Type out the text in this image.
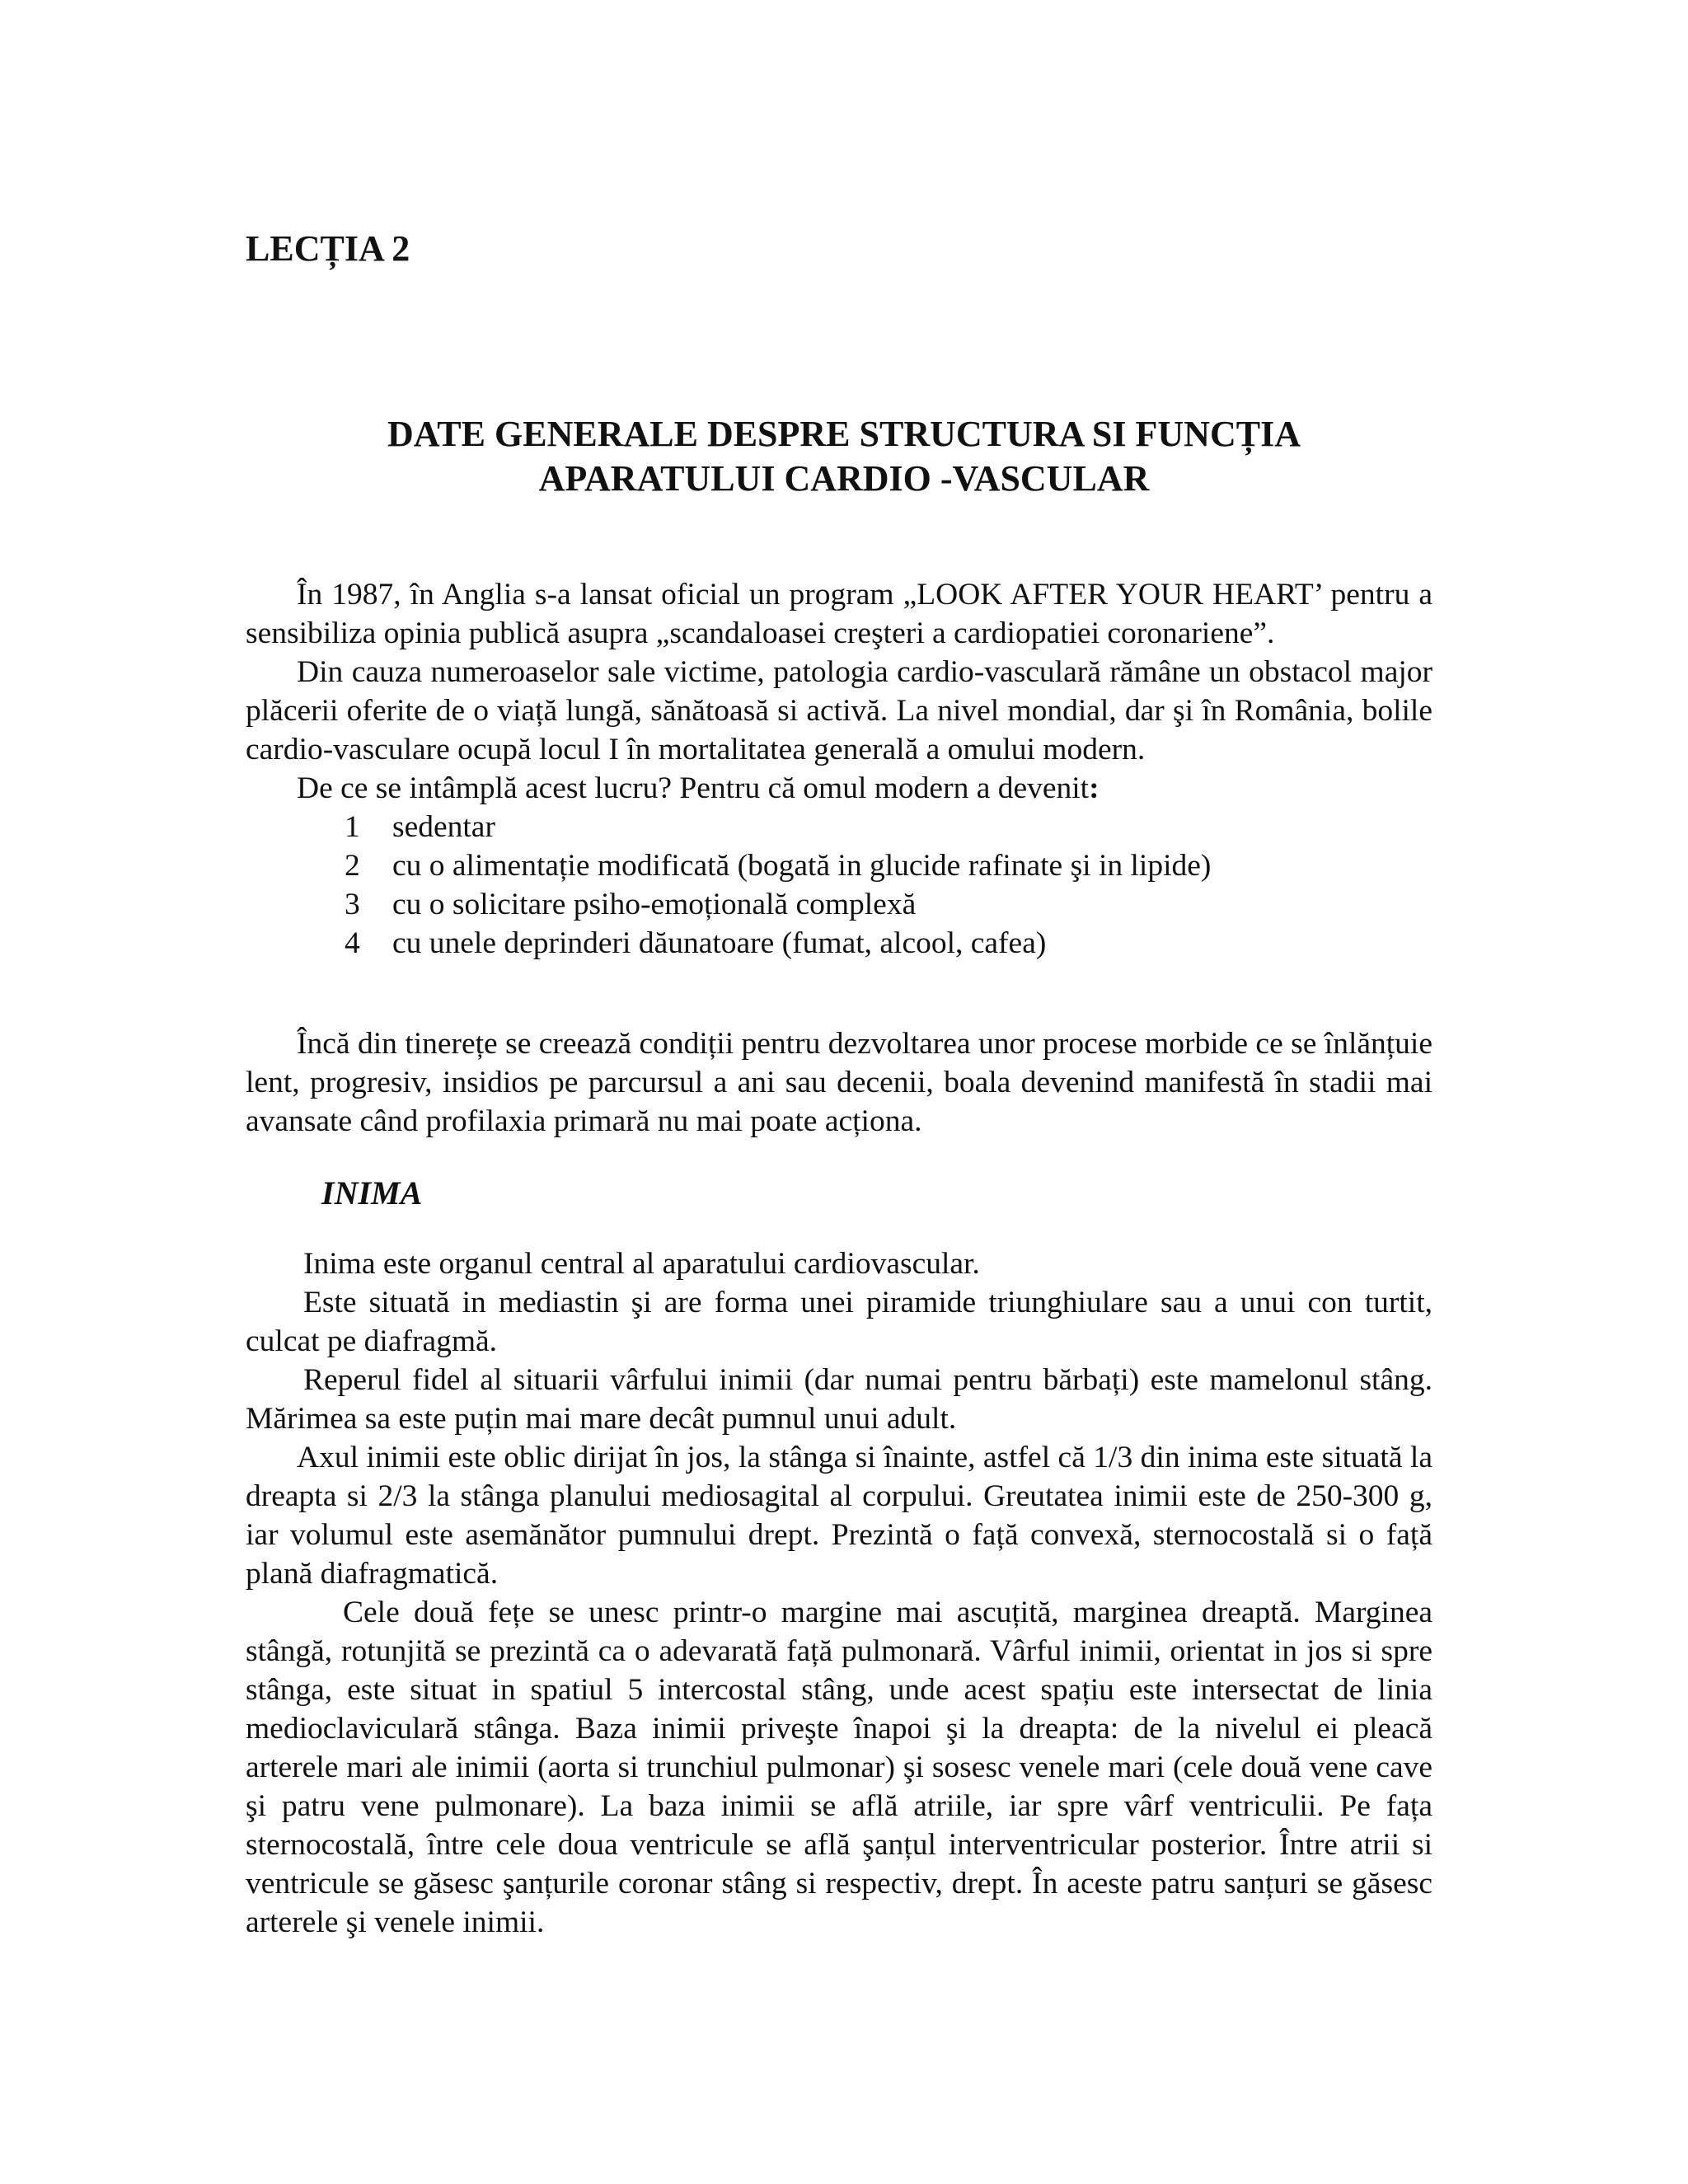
LECȚIA 2
DATE GENERALE DESPRE STRUCTURA SI FUNCȚIA
APARATULUI CARDIO -VASCULAR

În 1987, în Anglia s-a lansat oficial un program „LOOK AFTER YOUR HEART’ pentru a sensibiliza opinia publică asupra „scandaloasei creşteri a cardiopatiei coronariene”.

Din cauza numeroaselor sale victime, patologia cardio-vasculară rămâne un obstacol major plăcerii oferite de o viață lungă, sănătoasă si activă. La nivel mondial, dar şi în România, bolile cardio-vasculare ocupă locul I în mortalitatea generală a omului modern.

De ce se intâmplă acest lucru? Pentru că omul modern a devenit:

1 sedentar
2 cu o alimentație modificată (bogată in glucide rafinate şi in lipide)
3 cu o solicitare psiho-emoțională complexă
4 cu unele deprinderi dăunatoare (fumat, alcool, cafea)

Încă din tinerețe se creează condiții pentru dezvoltarea unor procese morbide ce se înlănțuie lent, progresiv, insidios pe parcursul a ani sau decenii, boala devenind manifestă în stadii mai avansate când profilaxia primară nu mai poate acționa.

INIMA

Inima este organul central al aparatului cardiovascular.

Este situată in mediastin şi are forma unei piramide triunghiulare sau a unui con turtit, culcat pe diafragmă.

Reperul fidel al situarii vârfului inimii (dar numai pentru bărbați) este mamelonul stâng. Mărimea sa este puțin mai mare decât pumnul unui adult.

Axul inimii este oblic dirijat în jos, la stânga si înainte, astfel că 1/3 din inima este situată la dreapta si 2/3 la stânga planului mediosagital al corpului. Greutatea inimii este de 250-300 g, iar volumul este asemănător pumnului drept. Prezintă o față convexă, sternocostală si o față plană diafragmatică.

Cele două fețe se unesc printr-o margine mai ascuțită, marginea dreaptă. Marginea stângă, rotunjită se prezintă ca o adevarată față pulmonară. Vârful inimii, orientat in jos si spre stânga, este situat in spatiul 5 intercostal stâng, unde acest spațiu este intersectat de linia medioclaviculară stânga. Baza inimii priveşte înapoi şi la dreapta: de la nivelul ei pleacă arterele mari ale inimii (aorta si trunchiul pulmonar) şi sosesc venele mari (cele două vene cave şi patru vene pulmonare). La baza inimii se află atriile, iar spre vârf ventriculii. Pe fața sternocostală, între cele doua ventricule se află şanțul interventricular posterior. Între atrii si ventricule se găsesc şanțurile coronar stâng si respectiv, drept. În aceste patru sanțuri se găsesc arterele şi venele inimii.
